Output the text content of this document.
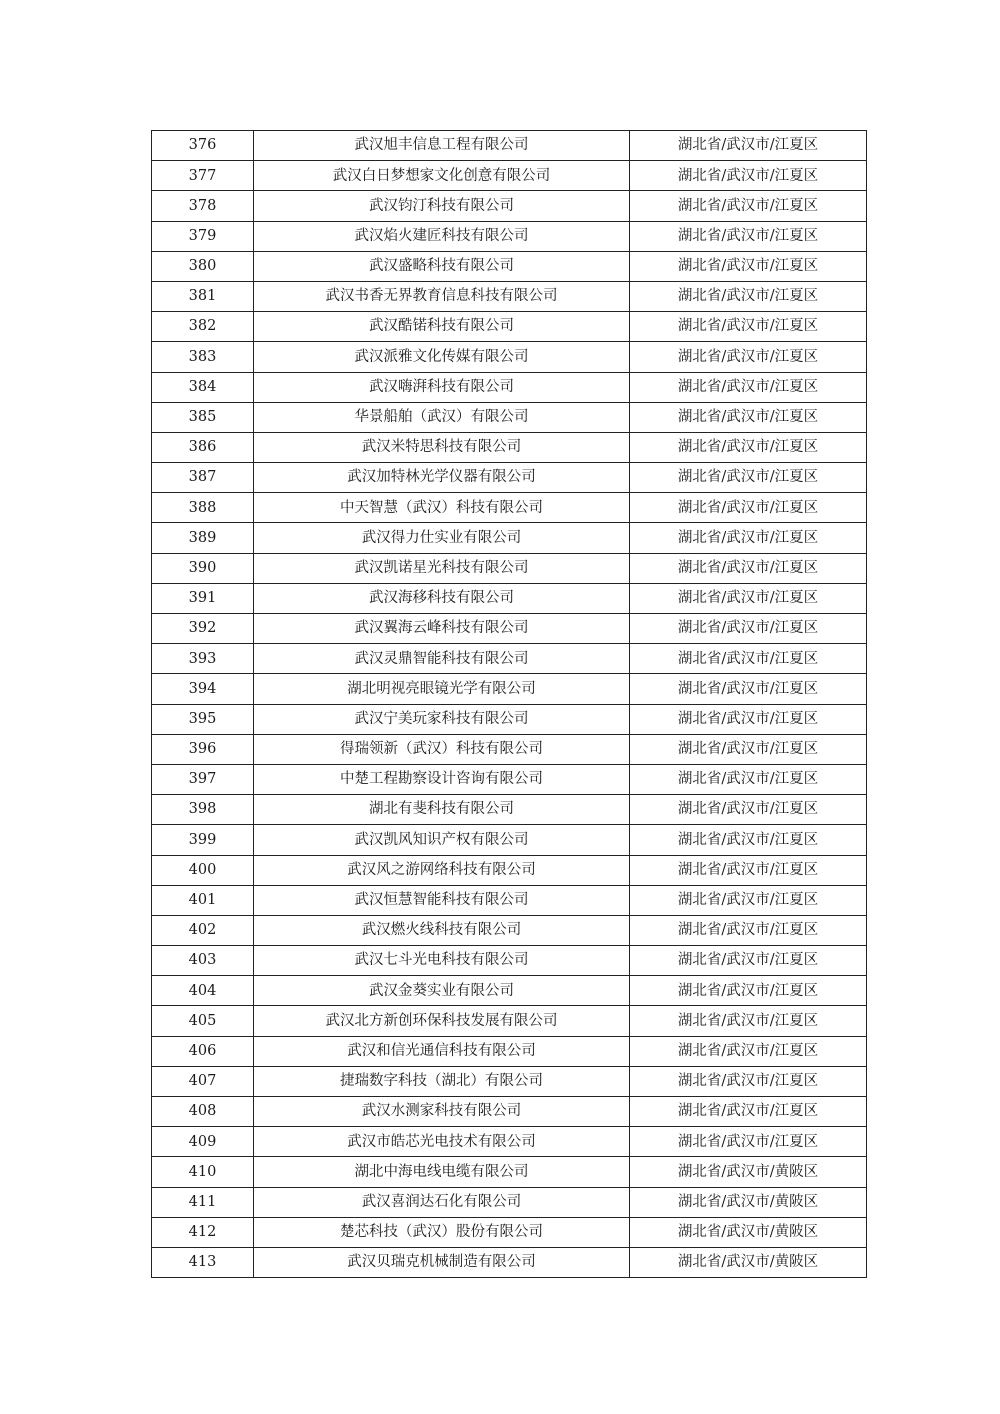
376	武汉旭丰信息工程有限公司	湖北省/武汉市/江夏区
377	武汉白日梦想家文化创意有限公司	湖北省/武汉市/江夏区
378	武汉钧汀科技有限公司	湖北省/武汉市/江夏区
379	武汉焰火建匠科技有限公司	湖北省/武汉市/江夏区
380	武汉盛略科技有限公司	湖北省/武汉市/江夏区
381	武汉书香无界教育信息科技有限公司	湖北省/武汉市/江夏区
382	武汉酷锘科技有限公司	湖北省/武汉市/江夏区
383	武汉派雅文化传媒有限公司	湖北省/武汉市/江夏区
384	武汉嗨湃科技有限公司	湖北省/武汉市/江夏区
385	华景船舶（武汉）有限公司	湖北省/武汉市/江夏区
386	武汉米特思科技有限公司	湖北省/武汉市/江夏区
387	武汉加特林光学仪器有限公司	湖北省/武汉市/江夏区
388	中天智慧（武汉）科技有限公司	湖北省/武汉市/江夏区
389	武汉得力仕实业有限公司	湖北省/武汉市/江夏区
390	武汉凯诺星光科技有限公司	湖北省/武汉市/江夏区
391	武汉海移科技有限公司	湖北省/武汉市/江夏区
392	武汉翼海云峰科技有限公司	湖北省/武汉市/江夏区
393	武汉灵鼎智能科技有限公司	湖北省/武汉市/江夏区
394	湖北明视亮眼镜光学有限公司	湖北省/武汉市/江夏区
395	武汉宁美玩家科技有限公司	湖北省/武汉市/江夏区
396	得瑞领新（武汉）科技有限公司	湖北省/武汉市/江夏区
397	中楚工程勘察设计咨询有限公司	湖北省/武汉市/江夏区
398	湖北有斐科技有限公司	湖北省/武汉市/江夏区
399	武汉凯风知识产权有限公司	湖北省/武汉市/江夏区
400	武汉风之游网络科技有限公司	湖北省/武汉市/江夏区
401	武汉恒慧智能科技有限公司	湖北省/武汉市/江夏区
402	武汉燃火线科技有限公司	湖北省/武汉市/江夏区
403	武汉七斗光电科技有限公司	湖北省/武汉市/江夏区
404	武汉金葵实业有限公司	湖北省/武汉市/江夏区
405	武汉北方新创环保科技发展有限公司	湖北省/武汉市/江夏区
406	武汉和信光通信科技有限公司	湖北省/武汉市/江夏区
407	捷瑞数字科技（湖北）有限公司	湖北省/武汉市/江夏区
408	武汉水测家科技有限公司	湖北省/武汉市/江夏区
409	武汉市皓芯光电技术有限公司	湖北省/武汉市/江夏区
410	湖北中海电线电缆有限公司	湖北省/武汉市/黄陂区
411	武汉喜润达石化有限公司	湖北省/武汉市/黄陂区
412	楚芯科技（武汉）股份有限公司	湖北省/武汉市/黄陂区
413	武汉贝瑞克机械制造有限公司	湖北省/武汉市/黄陂区
